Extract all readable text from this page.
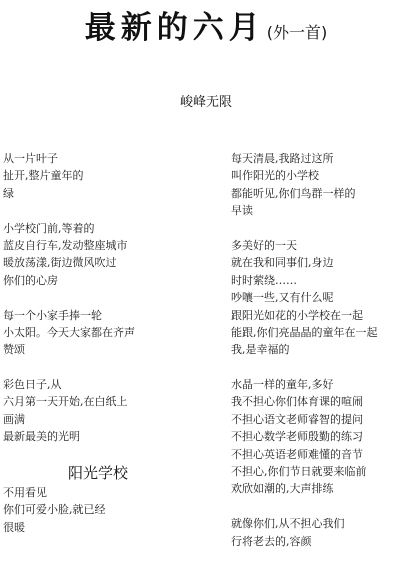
最新的六月 (外一首)
峻峰无限
从一片叶子
扯开,整片童年的
绿
小学校门前,等着的
蓝皮自行车,发动整座城市
暖放荡漾,街边微风吹过
你们的心房
每一个小家手捧一轮
小太阳。今天大家都在齐声
赞颂
彩色日子,从
六月第一天开始,在白纸上
画满
最新最美的光明
阳光学校
不用看见
你们可爱小脸,就已经
很暖
每天清晨,我路过这所
叫作阳光的小学校
都能听见,你们鸟群一样的
早读
多美好的一天
就在我和同事们,身边
时时萦绕……
吵嚷一些,又有什么呢
跟阳光如花的小学校在一起
能跟,你们亮晶晶的童年在一起
我,是幸福的
水晶一样的童年,多好
我不担心你们体育课的喧闹
不担心语文老师睿智的提问
不担心数学老师殷勤的练习
不担心英语老师难懂的音节
不担心,你们节日就要来临前
欢欣如潮的,大声排练
就像你们,从不担心我们
行将老去的,容颜
